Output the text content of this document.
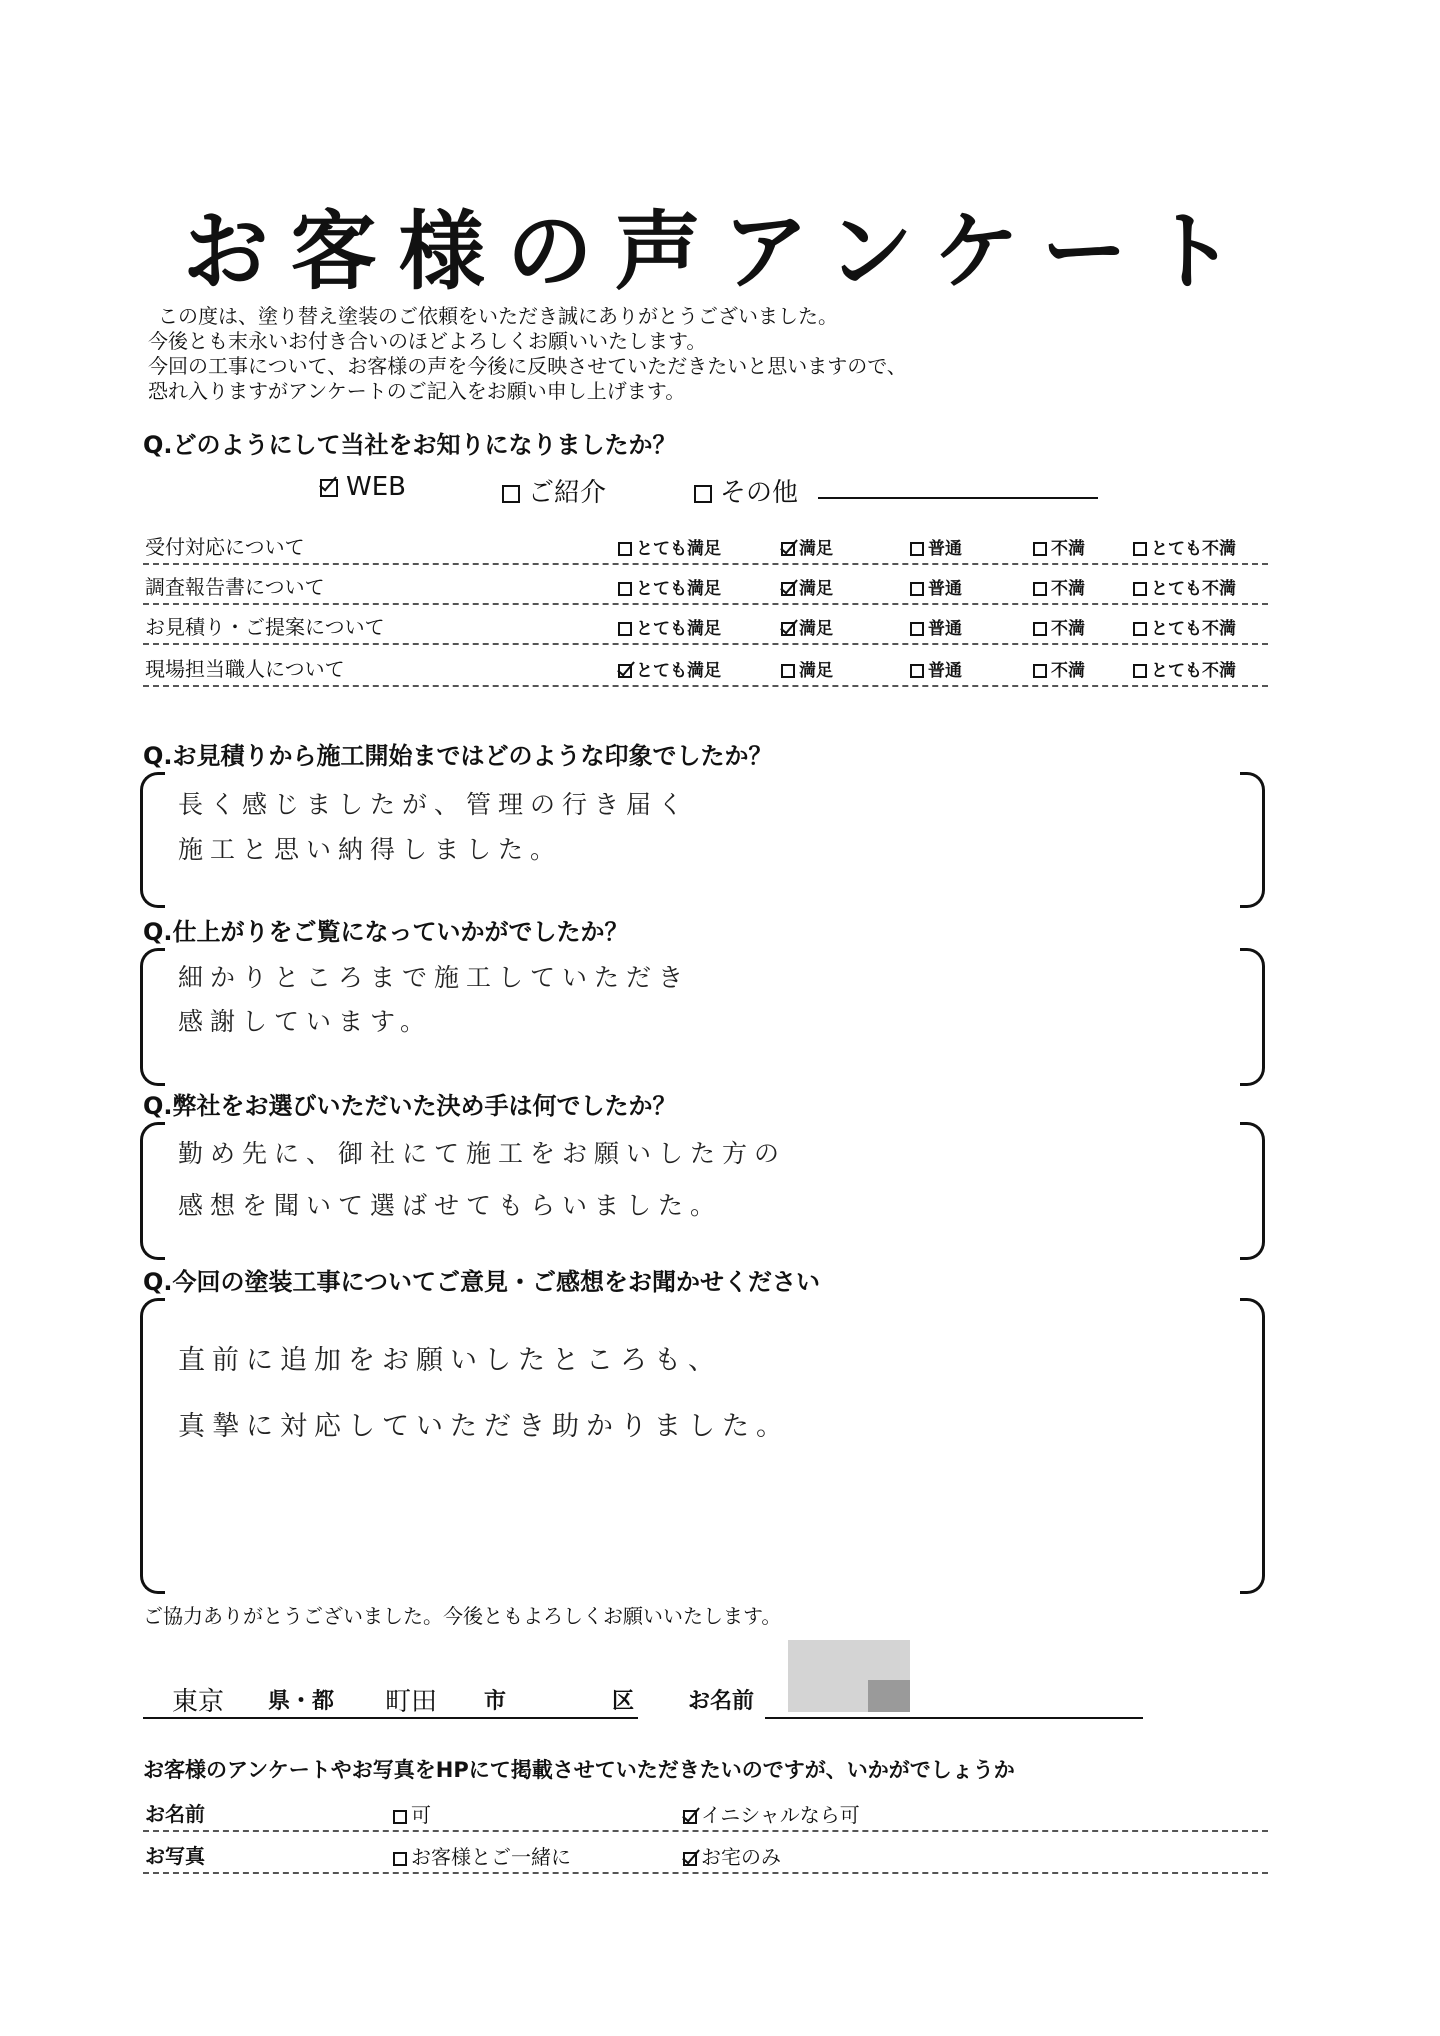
お客様の声アンケート
この度は、塗り替え塗装のご依頼をいただき誠にありがとうございました。
今後とも末永いお付き合いのほどよろしくお願いいたします。
今回の工事について、お客様の声を今後に反映させていただきたいと思いますので、
恐れ入りますがアンケートのご記入をお願い申し上げます。
Q.どのようにして当社をお知りになりましたか？
WEB	ご紹介	その他
受付対応について	とても満足	満足	普通	不満	とても不満
調査報告書について	とても満足	満足	普通	不満	とても不満
お見積り・ご提案について	とても満足	満足	普通	不満	とても不満
現場担当職人について	とても満足	満足	普通	不満	とても不満
Q.お見積りから施工開始まではどのような印象でしたか？
長く感じましたが、管理の行き届く
施工と思い納得しました。
Q.仕上がりをご覧になっていかがでしたか？
細かりところまで施工していただき
感謝しています。
Q.弊社をお選びいただいた決め手は何でしたか？
勤め先に、御社にて施工をお願いした方の
感想を聞いて選ばせてもらいました。
Q.今回の塗装工事についてご意見・ご感想をお聞かせください
直前に追加をお願いしたところも、
真摯に対応していただき助かりました。
ご協力ありがとうございました。今後ともよろしくお願いいたします。
東京 県・都 町田 市	区 お名前
お客様のアンケートやお写真をHPにて掲載させていただきたいのですが、いかがでしょうか
お名前	可	イニシャルなら可
お写真	お客様とご一緒に	お宅のみ
